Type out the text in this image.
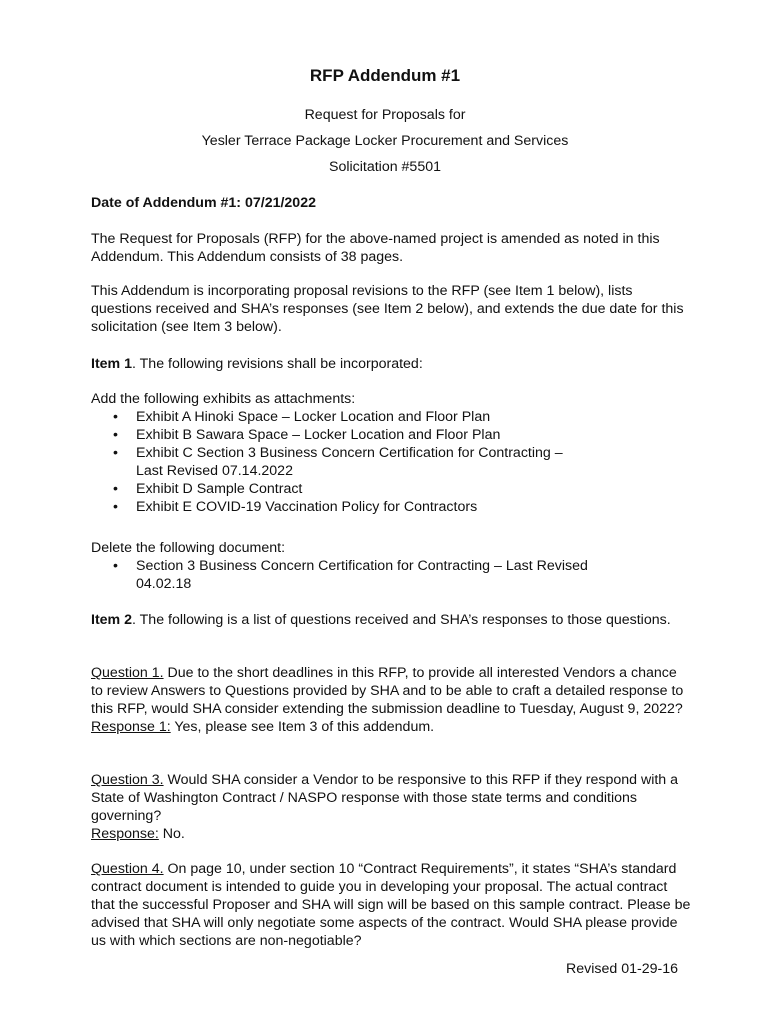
RFP Addendum #1
Request for Proposals for
Yesler Terrace Package Locker Procurement and Services
Solicitation #5501
Date of Addendum #1: 07/21/2022
The Request for Proposals (RFP) for the above-named project is amended as noted in this Addendum. This Addendum consists of 38 pages.
This Addendum is incorporating proposal revisions to the RFP (see Item 1 below), lists questions received and SHA’s responses (see Item 2 below), and extends the due date for this solicitation (see Item 3 below).
Item 1. The following revisions shall be incorporated:
Add the following exhibits as attachments:
• Exhibit A Hinoki Space – Locker Location and Floor Plan
• Exhibit B Sawara Space – Locker Location and Floor Plan
• Exhibit C Section 3 Business Concern Certification for Contracting – Last Revised 07.14.2022
• Exhibit D Sample Contract
• Exhibit E COVID-19 Vaccination Policy for Contractors
Delete the following document:
• Section 3 Business Concern Certification for Contracting – Last Revised 04.02.18
Item 2. The following is a list of questions received and SHA’s responses to those questions.
Question 1. Due to the short deadlines in this RFP, to provide all interested Vendors a chance to review Answers to Questions provided by SHA and to be able to craft a detailed response to this RFP, would SHA consider extending the submission deadline to Tuesday, August 9, 2022?
Response 1: Yes, please see Item 3 of this addendum.
Question 3. Would SHA consider a Vendor to be responsive to this RFP if they respond with a State of Washington Contract / NASPO response with those state terms and conditions governing?
Response: No.
Question 4. On page 10, under section 10 “Contract Requirements”, it states “SHA’s standard contract document is intended to guide you in developing your proposal. The actual contract that the successful Proposer and SHA will sign will be based on this sample contract. Please be advised that SHA will only negotiate some aspects of the contract. Would SHA please provide us with which sections are non-negotiable?
Revised 01-29-16
